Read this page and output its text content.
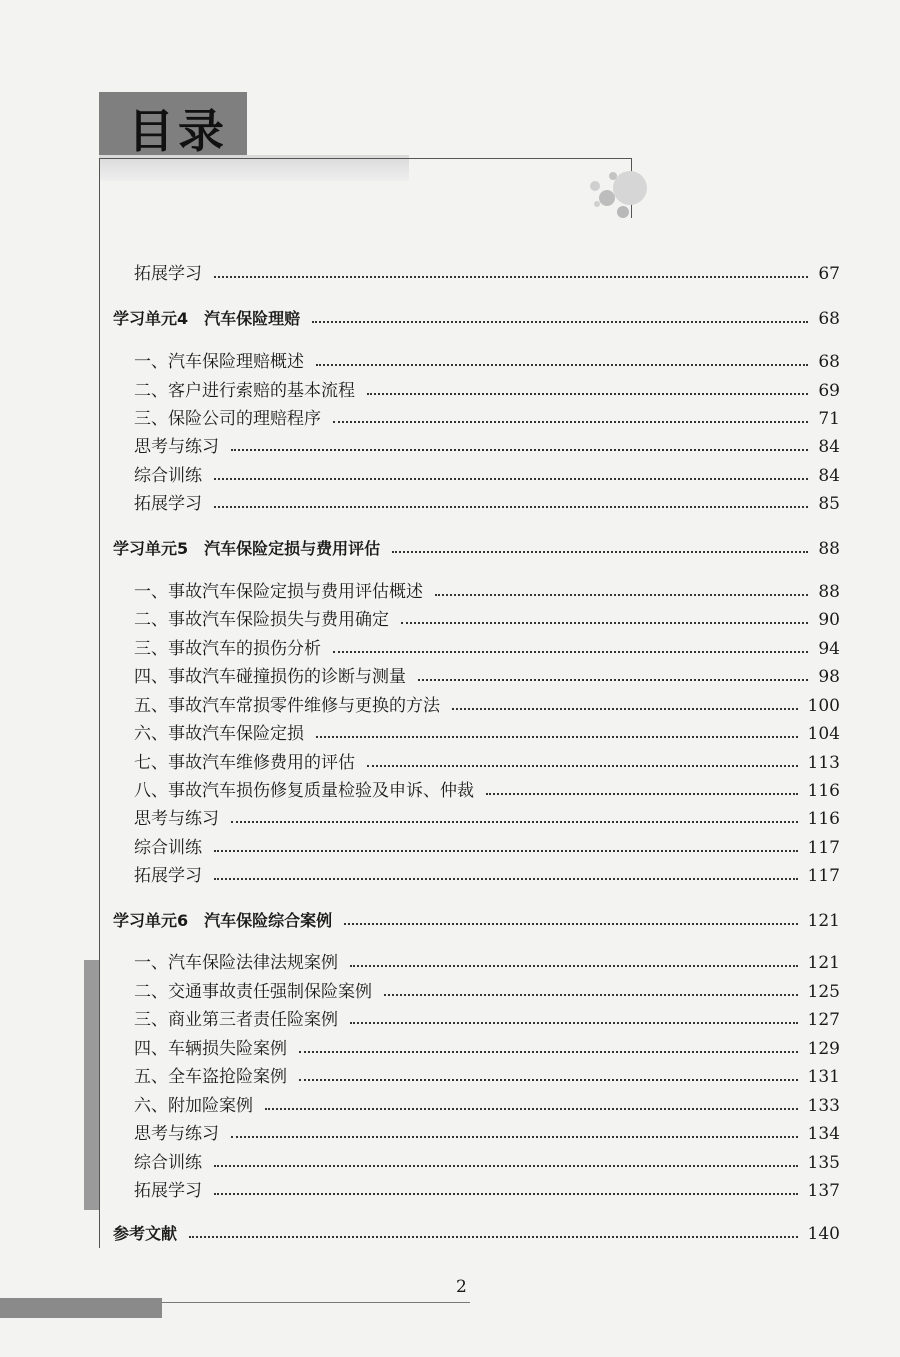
目录
拓展学习	67
学习单元4　汽车保险理赔	68
一、汽车保险理赔概述	68
二、客户进行索赔的基本流程	69
三、保险公司的理赔程序	71
思考与练习	84
综合训练	84
拓展学习	85
学习单元5　汽车保险定损与费用评估	88
一、事故汽车保险定损与费用评估概述	88
二、事故汽车保险损失与费用确定	90
三、事故汽车的损伤分析	94
四、事故汽车碰撞损伤的诊断与测量	98
五、事故汽车常损零件维修与更换的方法	100
六、事故汽车保险定损	104
七、事故汽车维修费用的评估	113
八、事故汽车损伤修复质量检验及申诉、仲裁	116
思考与练习	116
综合训练	117
拓展学习	117
学习单元6　汽车保险综合案例	121
一、汽车保险法律法规案例	121
二、交通事故责任强制保险案例	125
三、商业第三者责任险案例	127
四、车辆损失险案例	129
五、全车盗抢险案例	131
六、附加险案例	133
思考与练习	134
综合训练	135
拓展学习	137
参考文献	140
2
